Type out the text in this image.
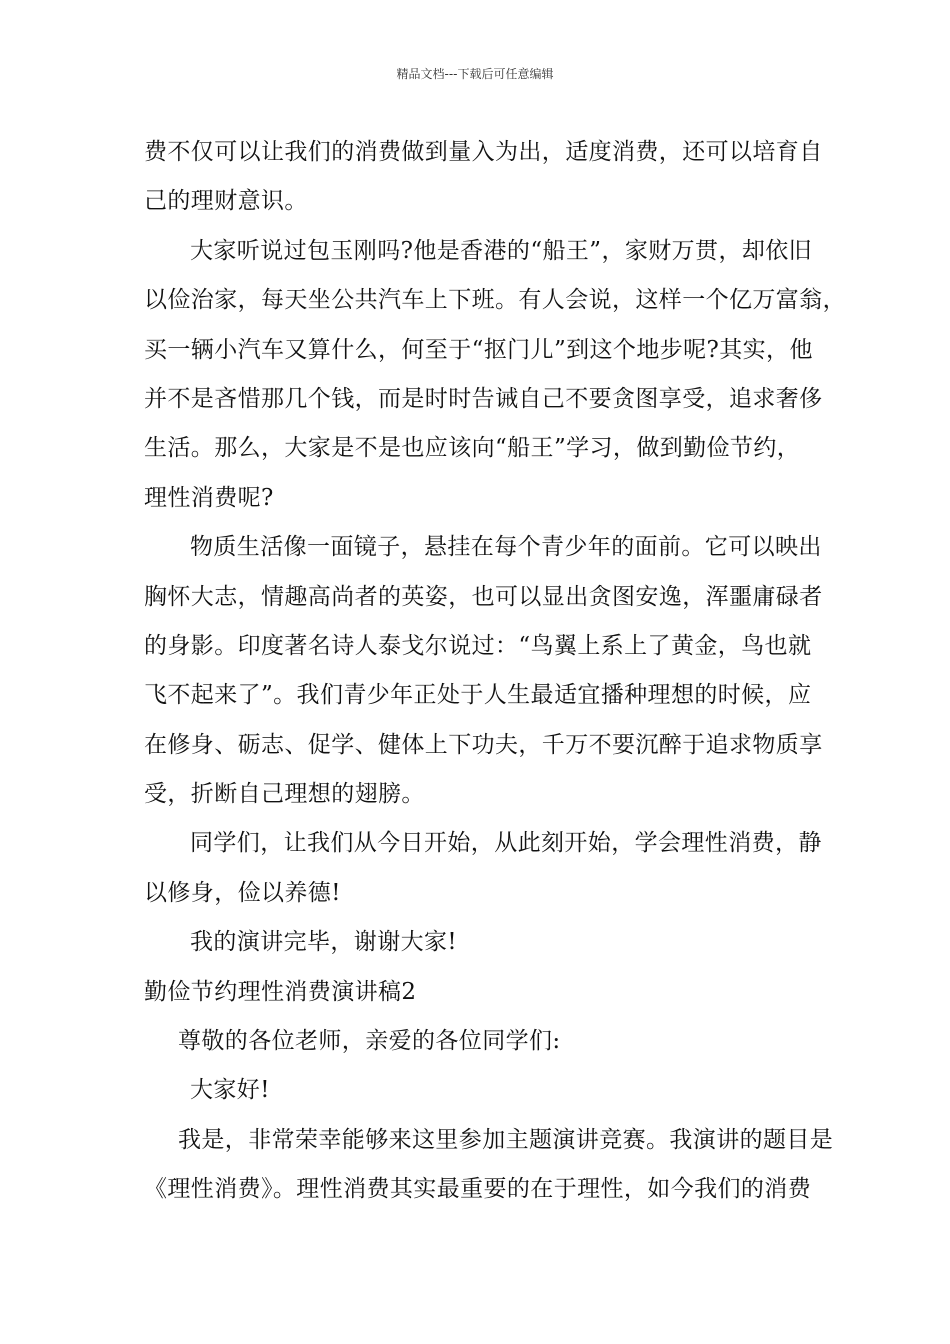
精品文档---下载后可任意编辑
费不仅可以让我们的消费做到量入为出，适度消费，还可以培育自
己的理财意识。
大家听说过包玉刚吗?他是香港的“船王”，家财万贯，却依旧
以俭治家，每天坐公共汽车上下班。有人会说，这样一个亿万富翁，
买一辆小汽车又算什么，何至于“抠门儿”到这个地步呢?其实，他
并不是吝惜那几个钱，而是时时告诫自己不要贪图享受，追求奢侈
生活。那么，大家是不是也应该向“船王”学习，做到勤俭节约，
理性消费呢?
物质生活像一面镜子，悬挂在每个青少年的面前。它可以映出
胸怀大志，情趣高尚者的英姿，也可以显出贪图安逸，浑噩庸碌者
的身影。印度著名诗人泰戈尔说过：“鸟翼上系上了黄金，鸟也就
飞不起来了”。我们青少年正处于人生最适宜播种理想的时候，应
在修身、砺志、促学、健体上下功夫，千万不要沉醉于追求物质享
受，折断自己理想的翅膀。
同学们，让我们从今日开始，从此刻开始，学会理性消费，静
以修身，俭以养德!
我的演讲完毕，谢谢大家!
勤俭节约理性消费演讲稿2
尊敬的各位老师，亲爱的各位同学们:
大家好!
我是，非常荣幸能够来这里参加主题演讲竞赛。我演讲的题目是
《理性消费》。理性消费其实最重要的在于理性，如今我们的消费
